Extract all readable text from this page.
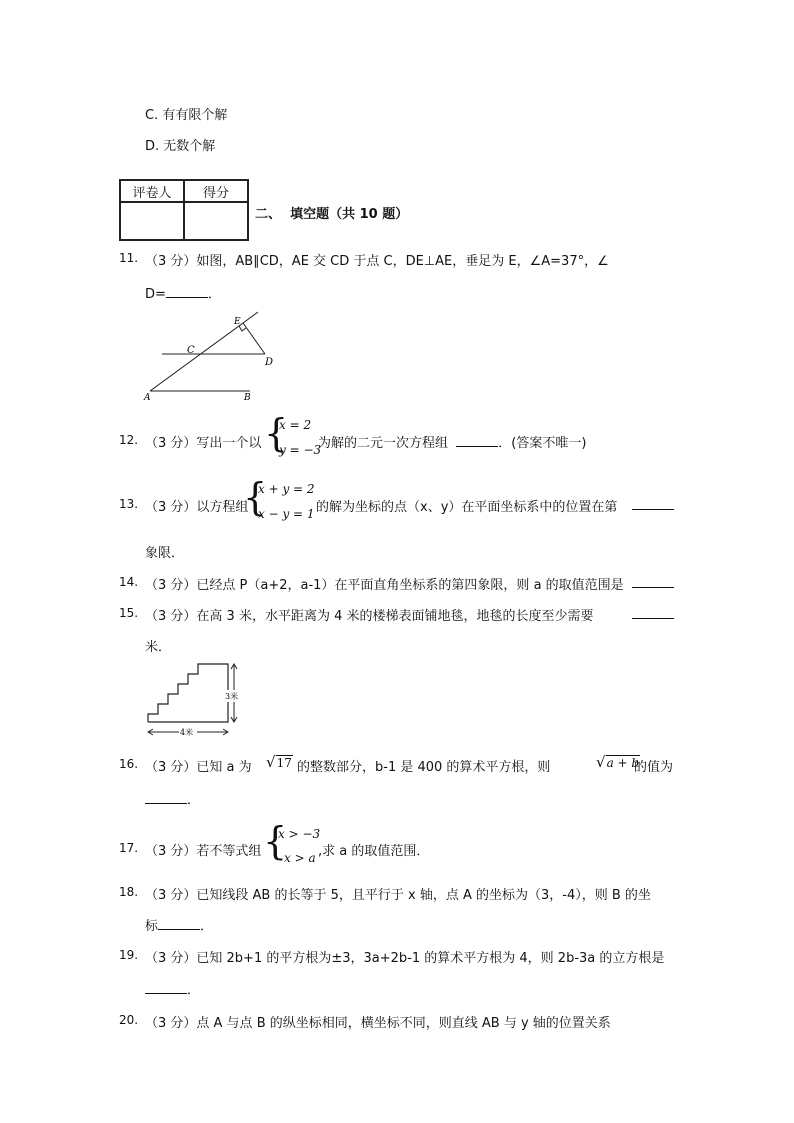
C. 有有限个解
D. 无数个解
评卷人	得分

二、 填空题（共 10 题）
11. （3 分）如图，AB∥CD，AE 交 CD 于点 C，DE⊥AE，垂足为 E，∠A=37°，∠
D=	．
E
C
D
A	B
12. （3 分）写出一个以 {
x = 2
y = −3
为解的二元一次方程组	．(答案不唯一)
13. （3 分）以方程组
{
x + y = 2
x − y = 1 的解为坐标的点（x、y）在平面坐标系中的位置在第
象限．
14. （3 分）已经点 P（a+2，a-1）在平面直角坐标系的第四象限，则 a 的取值范围是
15. （3 分）在高 3 米，水平距离为 4 米的楼梯表面铺地毯，地毯的长度至少需要
米．
3米
4米
16. （3 分）已知 a 为 √17 的整数部分，b-1 是 400 的算术平方根，则	√a + b
的值为
．
17. （3 分）若不等式组 {
x > −3
x > a ,求 a 的取值范围．
18. （3 分）已知线段 AB 的长等于 5，且平行于 x 轴，点 A 的坐标为（3，-4），则 B 的坐
标	．
19. （3 分）已知 2b+1 的平方根为±3，3a+2b-1 的算术平方根为 4，则 2b-3a 的立方根是
．
20. （3 分）点 A 与点 B 的纵坐标相同，横坐标不同，则直线 AB 与 y 轴的位置关系
